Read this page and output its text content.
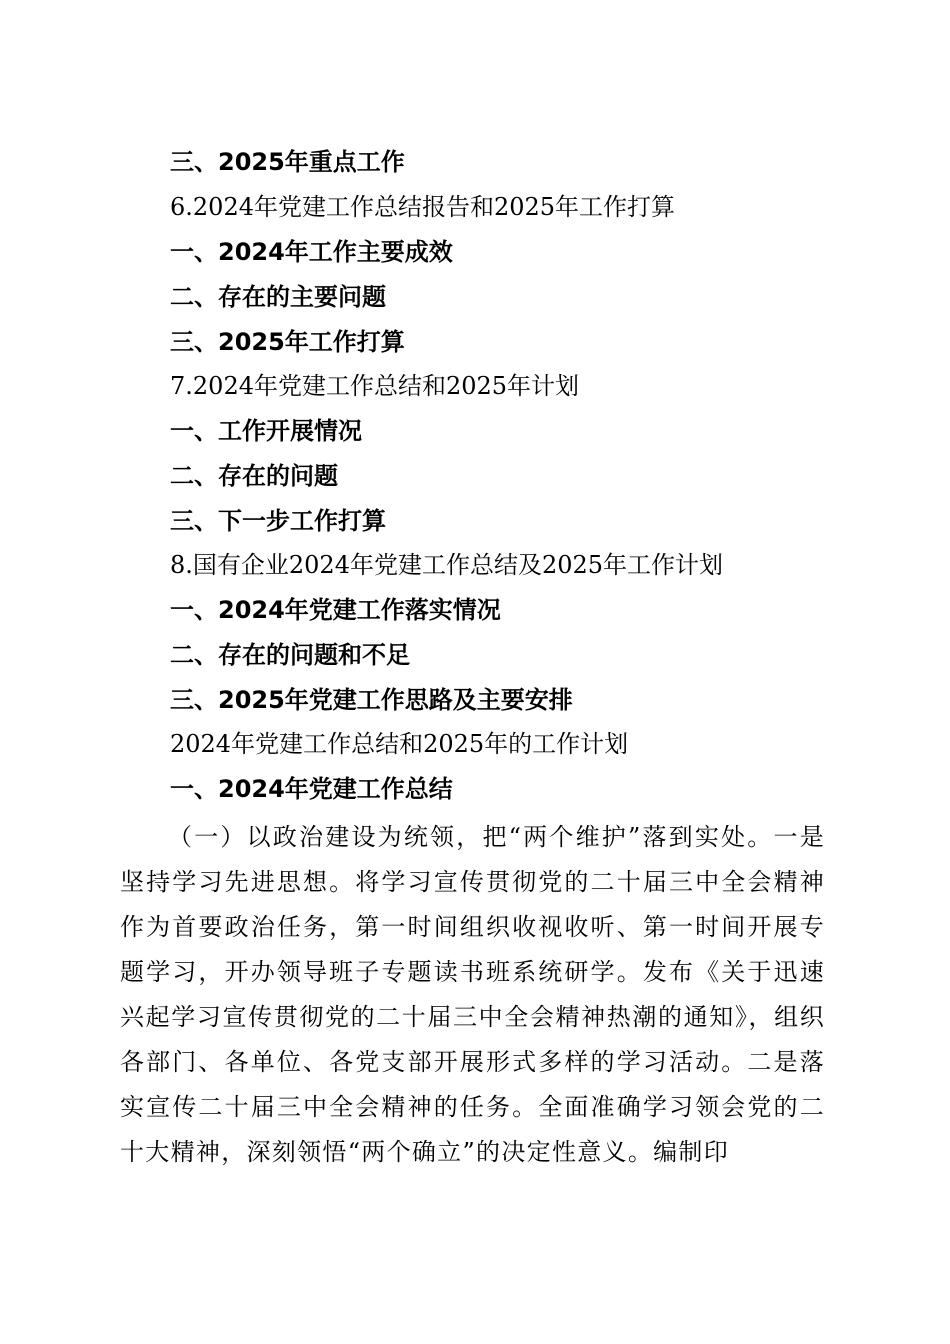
三、2025年重点工作
6.2024年党建工作总结报告和2025年工作打算
一、2024年工作主要成效
二、存在的主要问题
三、2025年工作打算
7.2024年党建工作总结和2025年计划
一、工作开展情况
二、存在的问题
三、下一步工作打算
8.国有企业2024年党建工作总结及2025年工作计划
一、2024年党建工作落实情况
二、存在的问题和不足
三、2025年党建工作思路及主要安排
2024年党建工作总结和2025年的工作计划
一、2024年党建工作总结

（一）以政治建设为统领，把“两个维护”落到实处。一是坚持学习先进思想。将学习宣传贯彻党的二十届三中全会精神作为首要政治任务，第一时间组织收视收听、第一时间开展专题学习，开办领导班子专题读书班系统研学。发布《关于迅速兴起学习宣传贯彻党的二十届三中全会精神热潮的通知》，组织各部门、各单位、各党支部开展形式多样的学习活动。二是落实宣传二十届三中全会精神的任务。全面准确学习领会党的二十大精神，深刻领悟“两个确立”的决定性意义。编制印
